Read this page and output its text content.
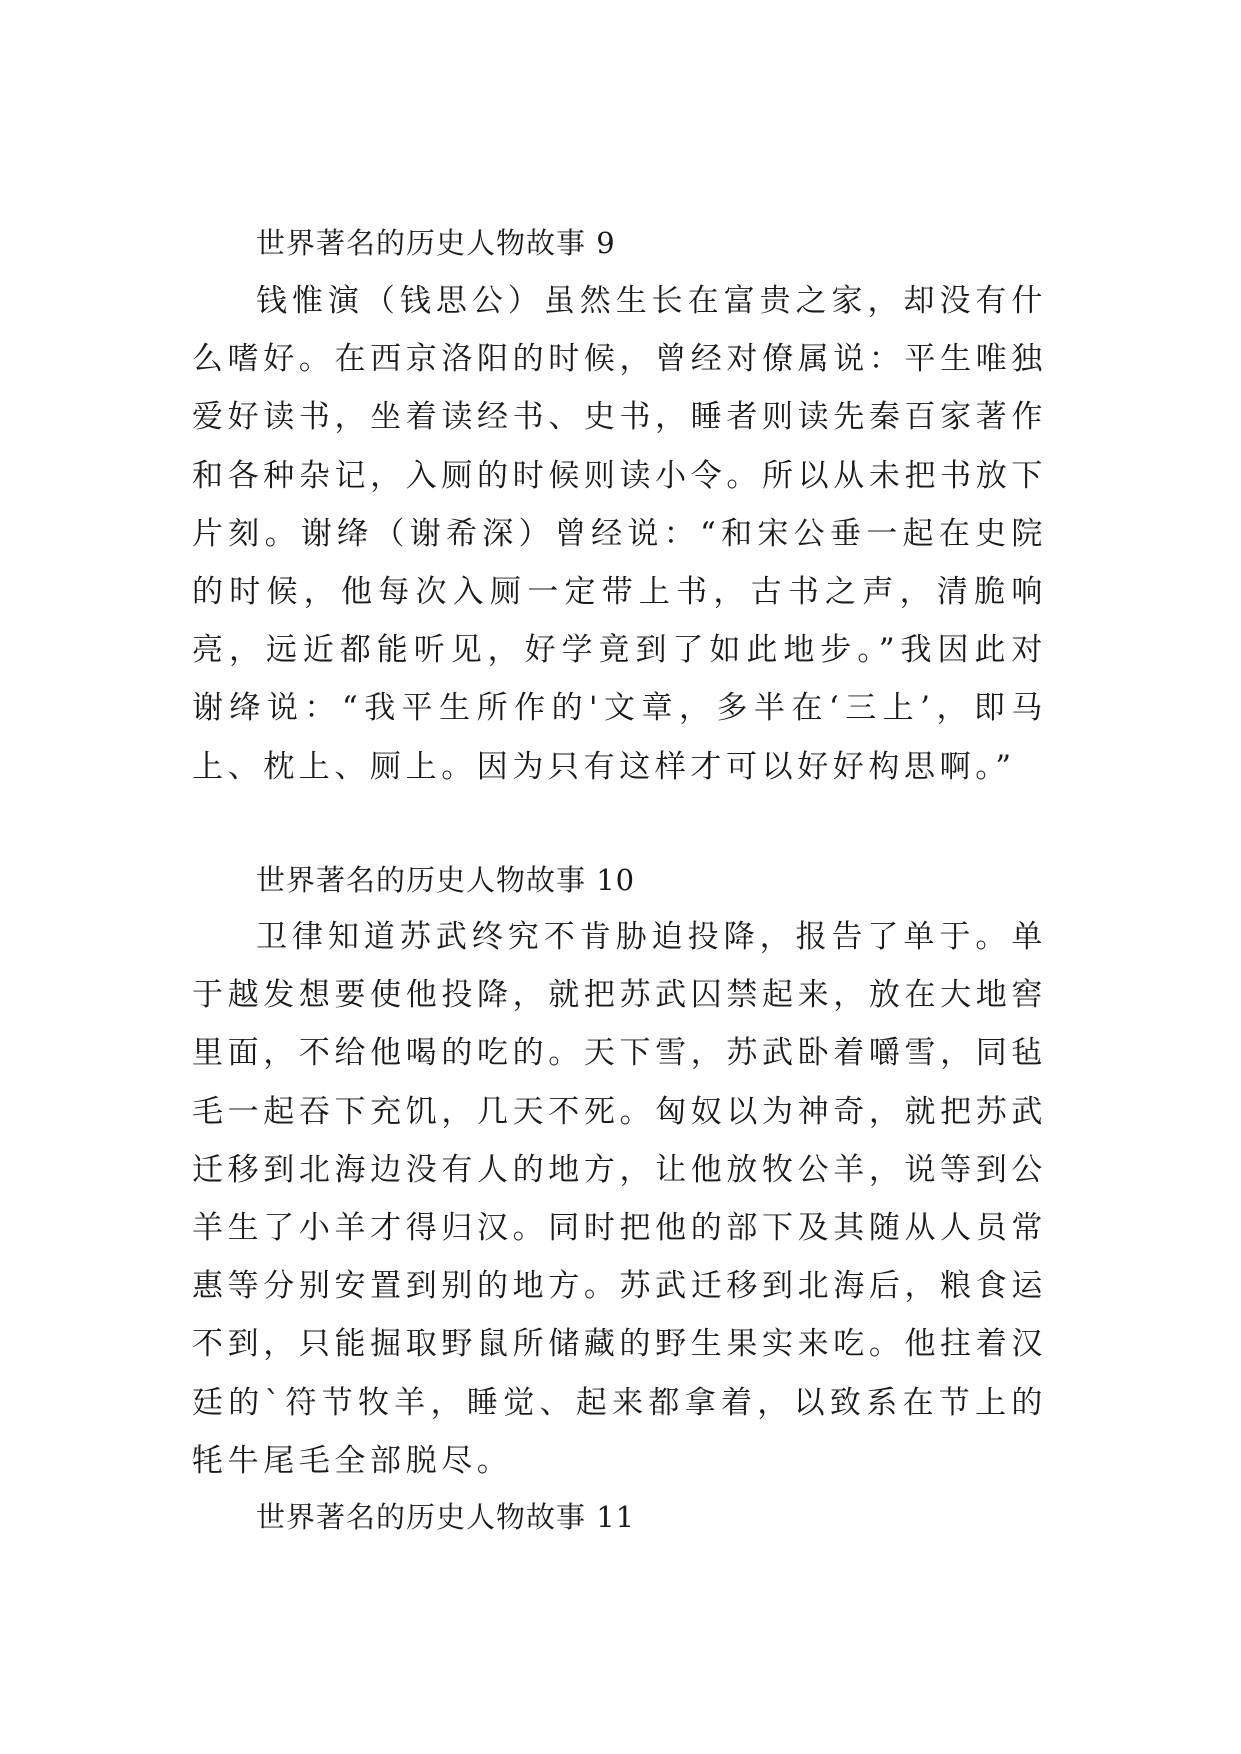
世界著名的历史人物故事 9

钱惟演（钱思公）虽然生长在富贵之家，却没有什么嗜好。在西京洛阳的时候，曾经对僚属说：平生唯独爱好读书，坐着读经书、史书，睡者则读先秦百家著作和各种杂记，入厕的时候则读小令。所以从未把书放下片刻。谢绛（谢希深）曾经说：“和宋公垂一起在史院的时候，他每次入厕一定带上书，古书之声，清脆响亮，远近都能听见，好学竟到了如此地步。”我因此对谢绛说：“我平生所作的'文章，多半在‘三上’，即马上、枕上、厕上。因为只有这样才可以好好构思啊。”

世界著名的历史人物故事 10

卫律知道苏武终究不肯胁迫投降，报告了单于。单于越发想要使他投降，就把苏武囚禁起来，放在大地窖里面，不给他喝的吃的。天下雪，苏武卧着嚼雪，同毡毛一起吞下充饥，几天不死。匈奴以为神奇，就把苏武迁移到北海边没有人的地方，让他放牧公羊，说等到公羊生了小羊才得归汉。同时把他的部下及其随从人员常惠等分别安置到别的地方。苏武迁移到北海后，粮食运不到，只能掘取野鼠所储藏的野生果实来吃。他拄着汉廷的`符节牧羊，睡觉、起来都拿着，以致系在节上的牦牛尾毛全部脱尽。

世界著名的历史人物故事 11
